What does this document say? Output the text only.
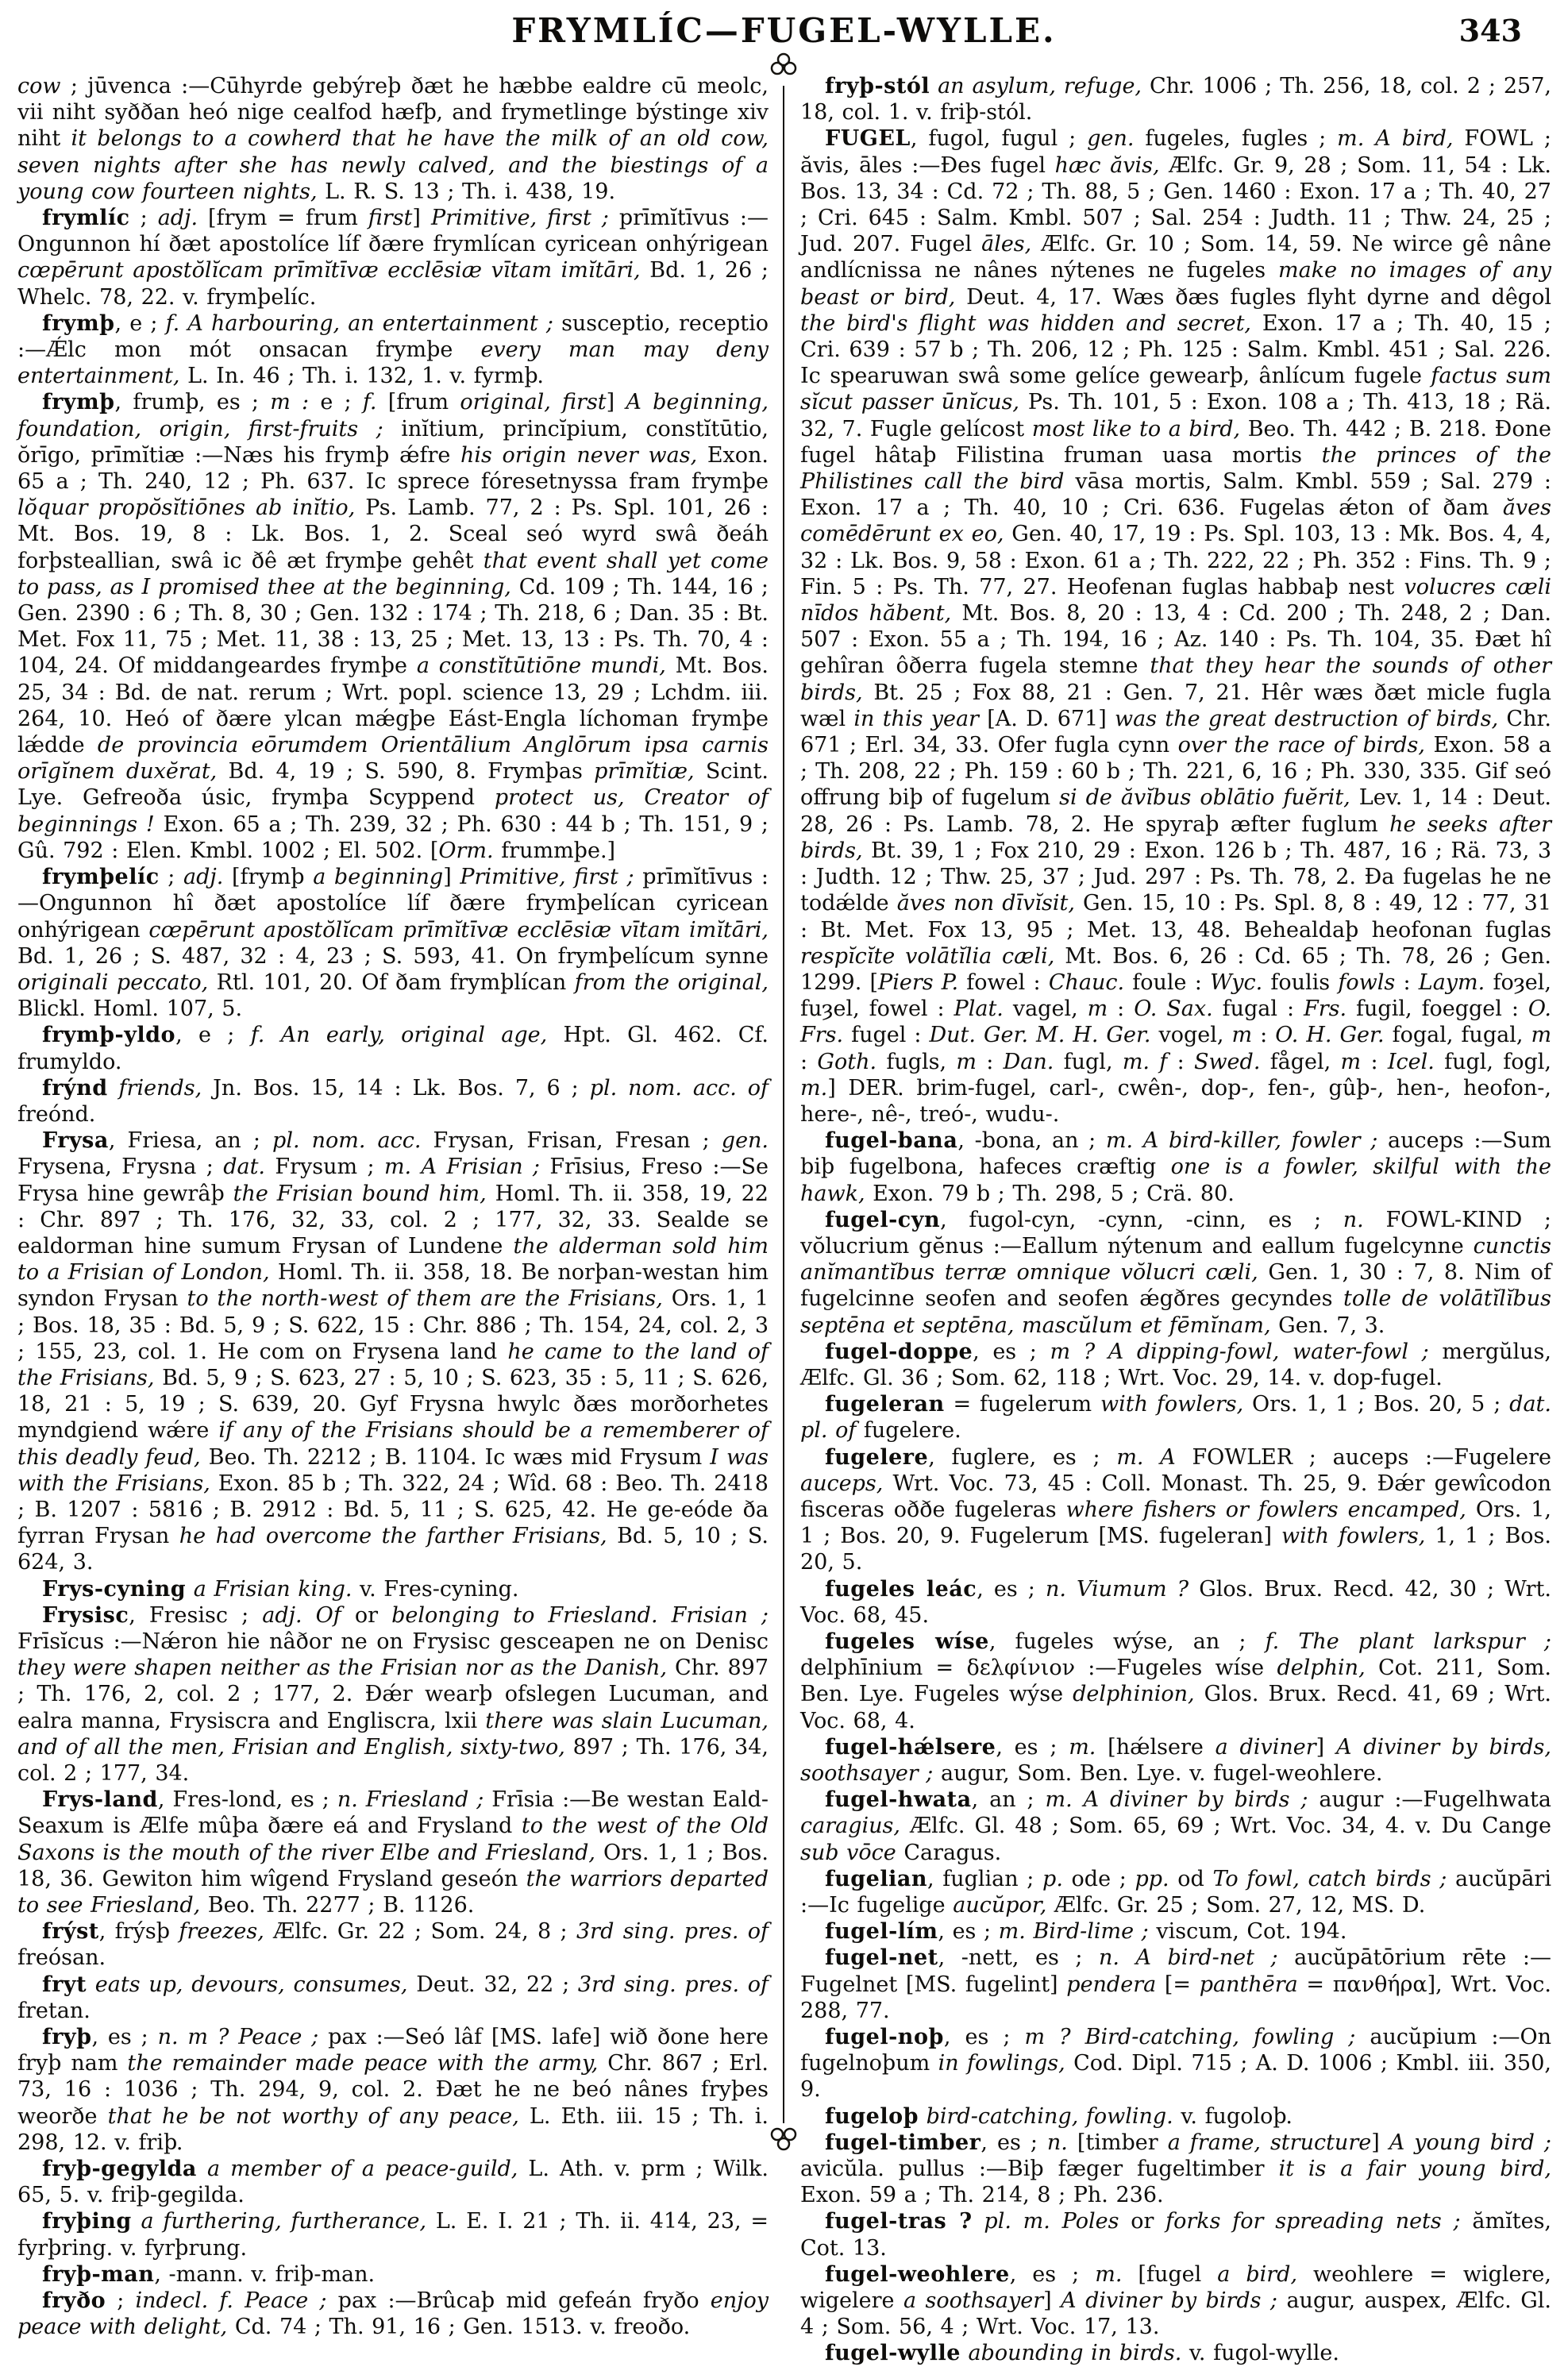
FRYMLÍC—FUGEL-WYLLE.	343

cow ; jūvenca :—Cūhyrde gebýreþ ðæt he hæbbe ealdre cū meolc, vii niht syððan heó nige cealfod hæfþ, and frymetlinge býstinge xiv niht it belongs to a cowherd that he have the milk of an old cow, seven nights after she has newly calved, and the biestings of a young cow fourteen nights, L. R. S. 13 ; Th. i. 438, 19.

frymlíc ; adj. [frym = frum first] Primitive, first ; prīmĭtīvus :—Ongunnon hí ðæt apostolíce líf ðære frymlícan cyricean onhýrigean cœpērunt apostŏlĭcam prīmĭtīvæ ecclēsiæ vītam imĭtāri, Bd. 1, 26 ; Whelc. 78, 22. v. frymþelíc.

frymþ, e ; f. A harbouring, an entertainment ; susceptio, receptio :—Ǽlc mon mót onsacan frymþe every man may deny entertainment, L. In. 46 ; Th. i. 132, 1. v. fyrmþ.

frymþ, frumþ, es ; m : e ; f. [frum original, first] A beginning, foundation, origin, first-fruits ; inĭtium, princĭpium, constĭtūtio, ŏrīgo, prīmĭtiæ :—Næs his frymþ ǽfre his origin never was, Exon. 65 a ; Th. 240, 12 ; Ph. 637. Ic sprece fóresetnyssa fram frymþe lŏquar propŏsĭtiōnes ab inĭtio, Ps. Lamb. 77, 2 : Ps. Spl. 101, 26 : Mt. Bos. 19, 8 : Lk. Bos. 1, 2. Sceal seó wyrd swâ ðeáh forþsteallian, swâ ic ðê æt frymþe gehêt that event shall yet come to pass, as I promised thee at the beginning, Cd. 109 ; Th. 144, 16 ; Gen. 2390 : 6 ; Th. 8, 30 ; Gen. 132 : 174 ; Th. 218, 6 ; Dan. 35 : Bt. Met. Fox 11, 75 ; Met. 11, 38 : 13, 25 ; Met. 13, 13 : Ps. Th. 70, 4 : 104, 24. Of middangeardes frymþe a constĭtūtiōne mundi, Mt. Bos. 25, 34 : Bd. de nat. rerum ; Wrt. popl. science 13, 29 ; Lchdm. iii. 264, 10. Heó of ðære ylcan mǽgþe Eást-Engla líchoman frymþe lǽdde de provincia eōrumdem Orientālium Anglōrum ipsa carnis orīgĭnem duxĕrat, Bd. 4, 19 ; S. 590, 8. Frymþas prīmĭtiæ, Scint. Lye. Gefreoða úsic, frymþa Scyppend protect us, Creator of beginnings ! Exon. 65 a ; Th. 239, 32 ; Ph. 630 : 44 b ; Th. 151, 9 ; Gû. 792 : Elen. Kmbl. 1002 ; El. 502. [Orm. frummþe.]

frymþelíc ; adj. [frymþ a beginning] Primitive, first ; prīmĭtīvus :—Ongunnon hî ðæt apostolíce líf ðære frymþelícan cyricean onhýrigean cœpērunt apostŏlĭcam prīmĭtīvæ ecclēsiæ vītam imĭtāri, Bd. 1, 26 ; S. 487, 32 : 4, 23 ; S. 593, 41. On frymþelícum synne originali peccato, Rtl. 101, 20. Of ðam frymþlícan from the original, Blickl. Homl. 107, 5.

frymþ-yldo, e ; f. An early, original age, Hpt. Gl. 462. Cf. frumyldo.

frýnd friends, Jn. Bos. 15, 14 : Lk. Bos. 7, 6 ; pl. nom. acc. of freónd.

Frysa, Friesa, an ; pl. nom. acc. Frysan, Frisan, Fresan ; gen. Frysena, Frysna ; dat. Frysum ; m. A Frisian ; Frīsius, Freso :—Se Frysa hine gewrâþ the Frisian bound him, Homl. Th. ii. 358, 19, 22 : Chr. 897 ; Th. 176, 32, 33, col. 2 ; 177, 32, 33. Sealde se ealdorman hine sumum Frysan of Lundene the alderman sold him to a Frisian of London, Homl. Th. ii. 358, 18. Be norþan-westan him syndon Frysan to the north-west of them are the Frisians, Ors. 1, 1 ; Bos. 18, 35 : Bd. 5, 9 ; S. 622, 15 : Chr. 886 ; Th. 154, 24, col. 2, 3 ; 155, 23, col. 1. He com on Frysena land he came to the land of the Frisians, Bd. 5, 9 ; S. 623, 27 : 5, 10 ; S. 623, 35 : 5, 11 ; S. 626, 18, 21 : 5, 19 ; S. 639, 20. Gyf Frysna hwylc ðæs morðorhetes myndgiend wǽre if any of the Frisians should be a rememberer of this deadly feud, Beo. Th. 2212 ; B. 1104. Ic wæs mid Frysum I was with the Frisians, Exon. 85 b ; Th. 322, 24 ; Wîd. 68 : Beo. Th. 2418 ; B. 1207 : 5816 ; B. 2912 : Bd. 5, 11 ; S. 625, 42. He ge-eóde ða fyrran Frysan he had overcome the farther Frisians, Bd. 5, 10 ; S. 624, 3.

Frys-cyning a Frisian king. v. Fres-cyning.

Frysisc, Fresisc ; adj. Of or belonging to Friesland. Frisian ; Frīsĭcus :—Nǽron hie nâðor ne on Frysisc gesceapen ne on Denisc they were shapen neither as the Frisian nor as the Danish, Chr. 897 ; Th. 176, 2, col. 2 ; 177, 2. Ðǽr wearþ ofslegen Lucuman, and ealra manna, Frysiscra and Engliscra, lxii there was slain Lucuman, and of all the men, Frisian and English, sixty-two, 897 ; Th. 176, 34, col. 2 ; 177, 34.

Frys-land, Fres-lond, es ; n. Friesland ; Frīsia :—Be westan Eald-Seaxum is Ælfe mûþa ðære eá and Frysland to the west of the Old Saxons is the mouth of the river Elbe and Friesland, Ors. 1, 1 ; Bos. 18, 36. Gewiton him wîgend Frysland geseón the warriors departed to see Friesland, Beo. Th. 2277 ; B. 1126.

frýst, frýsþ freezes, Ælfc. Gr. 22 ; Som. 24, 8 ; 3rd sing. pres. of freósan.

fryt eats up, devours, consumes, Deut. 32, 22 ; 3rd sing. pres. of fretan.

fryþ, es ; n. m ? Peace ; pax :—Seó lâf [MS. lafe] wið ðone here fryþ nam the remainder made peace with the army, Chr. 867 ; Erl. 73, 16 : 1036 ; Th. 294, 9, col. 2. Ðæt he ne beó nânes fryþes weorðe that he be not worthy of any peace, L. Eth. iii. 15 ; Th. i. 298, 12. v. friþ.

fryþ-gegylda a member of a peace-guild, L. Ath. v. prm ; Wilk. 65, 5. v. friþ-gegilda.

fryþing a furthering, furtherance, L. E. I. 21 ; Th. ii. 414, 23, = fyrþring. v. fyrþrung.

fryþ-man, -mann. v. friþ-man.

fryðo ; indecl. f. Peace ; pax :—Brûcaþ mid gefeán fryðo enjoy peace with delight, Cd. 74 ; Th. 91, 16 ; Gen. 1513. v. freoðo.

fryþ-stól an asylum, refuge, Chr. 1006 ; Th. 256, 18, col. 2 ; 257, 18, col. 1. v. friþ-stól.

FUGEL, fugol, fugul ; gen. fugeles, fugles ; m. A bird, FOWL ; ăvis, āles :—Ðes fugel hæc ăvis, Ælfc. Gr. 9, 28 ; Som. 11, 54 : Lk. Bos. 13, 34 : Cd. 72 ; Th. 88, 5 ; Gen. 1460 : Exon. 17 a ; Th. 40, 27 ; Cri. 645 : Salm. Kmbl. 507 ; Sal. 254 : Judth. 11 ; Thw. 24, 25 ; Jud. 207. Fugel āles, Ælfc. Gr. 10 ; Som. 14, 59. Ne wirce gê nâne andlícnissa ne nânes nýtenes ne fugeles make no images of any beast or bird, Deut. 4, 17. Wæs ðæs fugles flyht dyrne and dêgol the bird's flight was hidden and secret, Exon. 17 a ; Th. 40, 15 ; Cri. 639 : 57 b ; Th. 206, 12 ; Ph. 125 : Salm. Kmbl. 451 ; Sal. 226. Ic spearuwan swâ some gelíce gewearþ, ânlícum fugele factus sum sĭcut passer ūnĭcus, Ps. Th. 101, 5 : Exon. 108 a ; Th. 413, 18 ; Rä. 32, 7. Fugle gelícost most like to a bird, Beo. Th. 442 ; B. 218. Ðone fugel hâtaþ Filistina fruman uasa mortis the princes of the Philistines call the bird vāsa mortis, Salm. Kmbl. 559 ; Sal. 279 : Exon. 17 a ; Th. 40, 10 ; Cri. 636. Fugelas ǽton of ðam ăves comēdērunt ex eo, Gen. 40, 17, 19 : Ps. Spl. 103, 13 : Mk. Bos. 4, 4, 32 : Lk. Bos. 9, 58 : Exon. 61 a ; Th. 222, 22 ; Ph. 352 : Fins. Th. 9 ; Fin. 5 : Ps. Th. 77, 27. Heofenan fuglas habbaþ nest volucres cæli nīdos hăbent, Mt. Bos. 8, 20 : 13, 4 : Cd. 200 ; Th. 248, 2 ; Dan. 507 : Exon. 55 a ; Th. 194, 16 ; Az. 140 : Ps. Th. 104, 35. Ðæt hî gehîran ôðerra fugela stemne that they hear the sounds of other birds, Bt. 25 ; Fox 88, 21 : Gen. 7, 21. Hêr wæs ðæt micle fugla wæl in this year [A. D. 671] was the great destruction of birds, Chr. 671 ; Erl. 34, 33. Ofer fugla cynn over the race of birds, Exon. 58 a ; Th. 208, 22 ; Ph. 159 : 60 b ; Th. 221, 6, 16 ; Ph. 330, 335. Gif seó offrung biþ of fugelum si de ăvĭbus oblātio fuĕrit, Lev. 1, 14 : Deut. 28, 26 : Ps. Lamb. 78, 2. He spyraþ æfter fuglum he seeks after birds, Bt. 39, 1 ; Fox 210, 29 : Exon. 126 b ; Th. 487, 16 ; Rä. 73, 3 : Judth. 12 ; Thw. 25, 37 ; Jud. 297 : Ps. Th. 78, 2. Ða fugelas he ne todǽlde ăves non dīvĭsit, Gen. 15, 10 : Ps. Spl. 8, 8 : 49, 12 : 77, 31 : Bt. Met. Fox 13, 95 ; Met. 13, 48. Behealdaþ heofonan fuglas respĭcĭte volātĭlia cæli, Mt. Bos. 6, 26 : Cd. 65 ; Th. 78, 26 ; Gen. 1299. [Piers P. fowel : Chauc. foule : Wyc. foulis fowls : Laym. foȝel, fuȝel, fowel : Plat. vagel, m : O. Sax. fugal : Frs. fugil, foeggel : O. Frs. fugel : Dut. Ger. M. H. Ger. vogel, m : O. H. Ger. fogal, fugal, m : Goth. fugls, m : Dan. fugl, m. f : Swed. fågel, m : Icel. fugl, fogl, m.] DER. brim-fugel, carl-, cwên-, dop-, fen-, gûþ-, hen-, heofon-, here-, nê-, treó-, wudu-.

fugel-bana, -bona, an ; m. A bird-killer, fowler ; auceps :—Sum biþ fugelbona, hafeces cræftig one is a fowler, skilful with the hawk, Exon. 79 b ; Th. 298, 5 ; Crä. 80.

fugel-cyn, fugol-cyn, -cynn, -cinn, es ; n. FOWL-KIND ; vŏlucrium gĕnus :—Eallum nýtenum and eallum fugelcynne cunctis anĭmantĭbus terræ omnique vŏlucri cæli, Gen. 1, 30 : 7, 8. Nim of fugelcinne seofen and seofen ǽgðres gecyndes tolle de volātĭlĭbus septēna et septēna, mascŭlum et fēmĭnam, Gen. 7, 3.

fugel-doppe, es ; m ? A dipping-fowl, water-fowl ; mergŭlus, Ælfc. Gl. 36 ; Som. 62, 118 ; Wrt. Voc. 29, 14. v. dop-fugel.

fugeleran = fugelerum with fowlers, Ors. 1, 1 ; Bos. 20, 5 ; dat. pl. of fugelere.

fugelere, fuglere, es ; m. A FOWLER ; auceps :—Fugelere auceps, Wrt. Voc. 73, 45 : Coll. Monast. Th. 25, 9. Ðǽr gewîcodon fisceras oððe fugeleras where fishers or fowlers encamped, Ors. 1, 1 ; Bos. 20, 9. Fugelerum [MS. fugeleran] with fowlers, 1, 1 ; Bos. 20, 5.

fugeles leác, es ; n. Viumum ? Glos. Brux. Recd. 42, 30 ; Wrt. Voc. 68, 45.

fugeles wíse, fugeles wýse, an ; f. The plant larkspur ; delphīnium = δελφίνιον :—Fugeles wíse delphin, Cot. 211, Som. Ben. Lye. Fugeles wýse delphinion, Glos. Brux. Recd. 41, 69 ; Wrt. Voc. 68, 4.

fugel-hǽlsere, es ; m. [hǽlsere a diviner] A diviner by birds, soothsayer ; augur, Som. Ben. Lye. v. fugel-weohlere.

fugel-hwata, an ; m. A diviner by birds ; augur :—Fugelhwata caragius, Ælfc. Gl. 48 ; Som. 65, 69 ; Wrt. Voc. 34, 4. v. Du Cange sub vōce Caragus.

fugelian, fuglian ; p. ode ; pp. od To fowl, catch birds ; aucŭpāri :—Ic fugelige aucŭpor, Ælfc. Gr. 25 ; Som. 27, 12, MS. D.

fugel-lím, es ; m. Bird-lime ; viscum, Cot. 194.

fugel-net, -nett, es ; n. A bird-net ; aucŭpātōrium rēte :—Fugelnet [MS. fugelint] pendera [= panthēra = πανθήρα], Wrt. Voc. 288, 77.

fugel-noþ, es ; m ? Bird-catching, fowling ; aucŭpium :—On fugelnoþum in fowlings, Cod. Dipl. 715 ; A. D. 1006 ; Kmbl. iii. 350, 9.

fugeloþ bird-catching, fowling. v. fugoloþ.

fugel-timber, es ; n. [timber a frame, structure] A young bird ; avicŭla. pullus :—Biþ fæger fugeltimber it is a fair young bird, Exon. 59 a ; Th. 214, 8 ; Ph. 236.

fugel-tras ? pl. m. Poles or forks for spreading nets ; ămĭtes, Cot. 13.

fugel-weohlere, es ; m. [fugel a bird, weohlere = wiglere, wigelere a soothsayer] A diviner by birds ; augur, auspex, Ælfc. Gl. 4 ; Som. 56, 4 ; Wrt. Voc. 17, 13.

fugel-wylle abounding in birds. v. fugol-wylle.
